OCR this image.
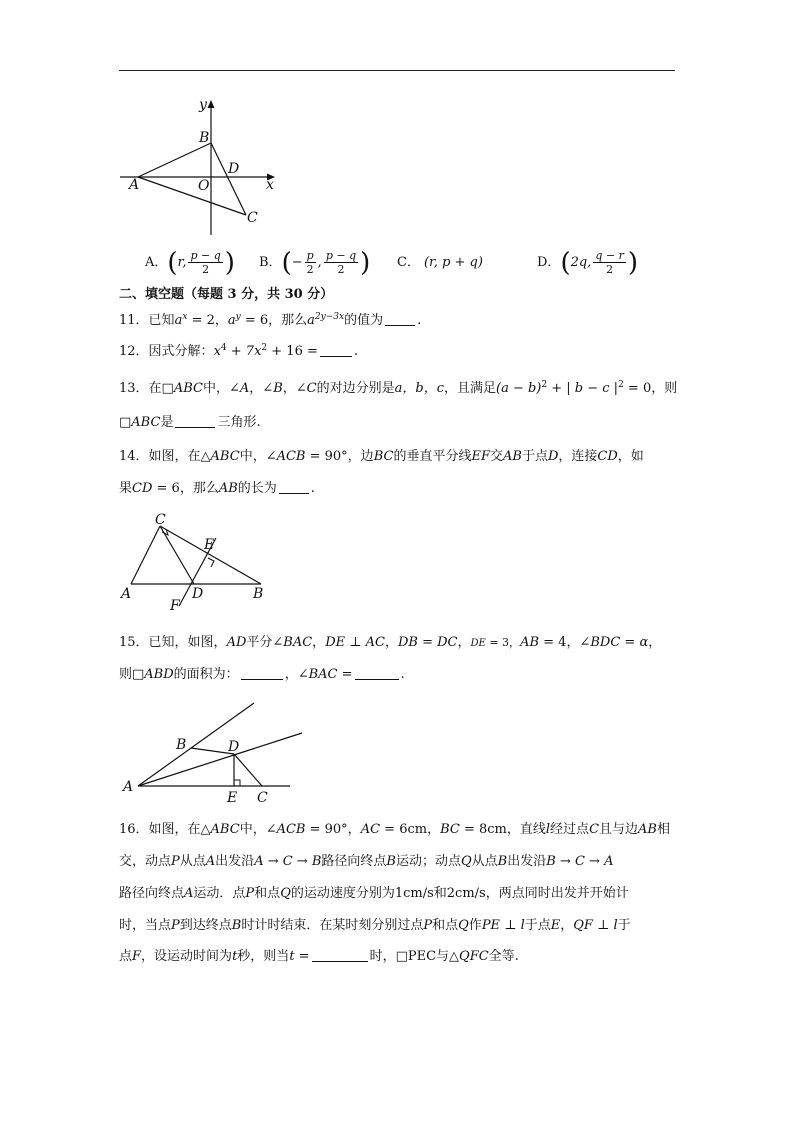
y
x
B
D
A	O
C
A． ( r, $\frac{p - q}{2}$ ) B． ( − $\frac{p}{2}$ , $\frac{p - q}{2}$ ) C． (r, p + q)	D． ( 2q, $\frac{q - r}{2}$ )
二、填空题（每题 3 分，共 30 分）
11．已知$a^x = 2$，$a^y = 6$，那么$a^{2y-3x}$的值为	.
12．因式分解：$x^4 + 7x^2 + 16$ =	.
13．在□ABC中，∠A，∠B，∠C的对边分别是a，b，c，且满足$(a - b)^2$ + | b − c $|^2 = 0$，则
□ABC是	三角形.
14．如图，在△ABC中，∠ACB = 90°，边BC的垂直平分线EF交AB于点D，连接CD，如
果CD = 6，那么AB的长为	.
C
E
A	D	B
F
15．已知，如图，AD平分∠BAC，DE ⊥ AC，DB = DC，DE = 3，AB = 4，∠BDC = α，
则□ABD的面积为：	，∠BAC =	.
B	D
A
E C
16．如图，在△ABC中，∠ACB = 90°，AC = 6cm，BC = 8cm，直线l经过点C且与边AB相
交，动点P从点A出发沿A → C → B路径向终点B运动；动点Q从点B出发沿B → C → A
路径向终点A运动．点P和点Q的运动速度分别为1cm/s和2cm/s，两点同时出发并开始计
时，当点P到达终点B时计时结束．在某时刻分别过点P和点Q作PE ⊥ l于点E，QF ⊥ l于
点F，设运动时间为t秒，则当t =	时，□PEC与△QFC全等.
